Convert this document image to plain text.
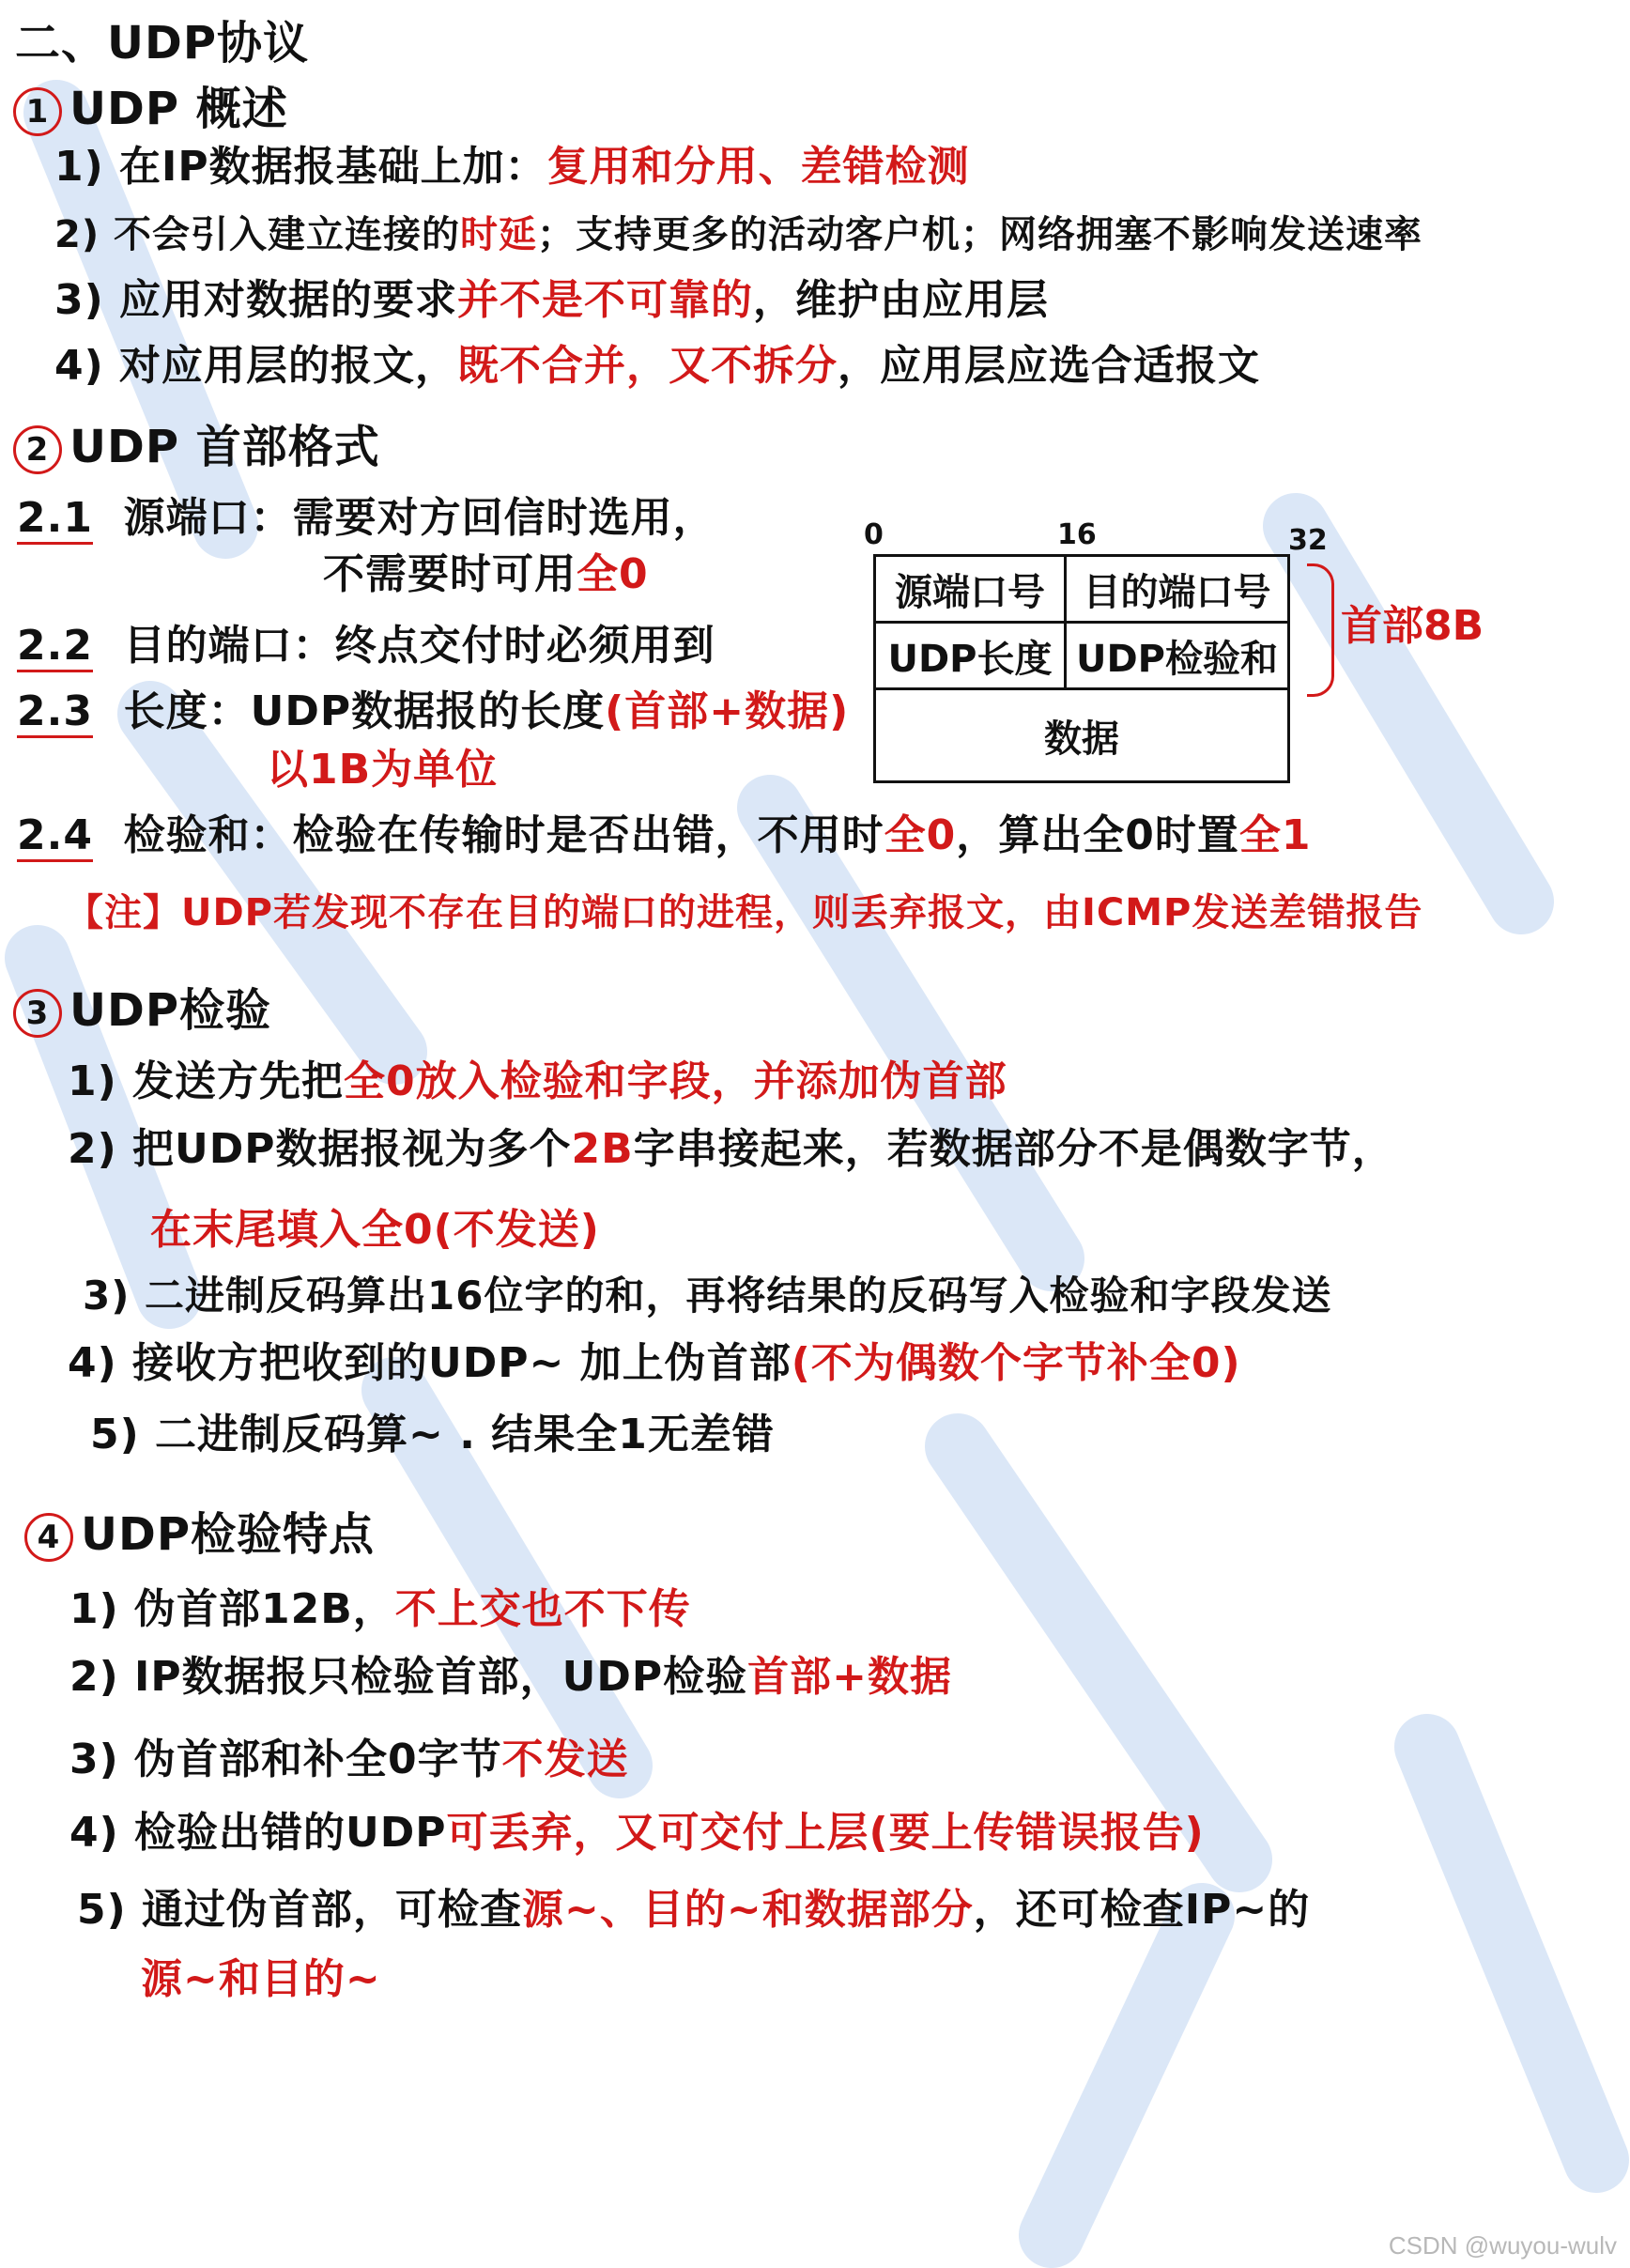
二、UDP协议
1 UDP 概述
1) 在IP数据报基础上加：复用和分用、差错检测
2) 不会引入建立连接的时延；支持更多的活动客户机；网络拥塞不影响发送速率
3) 应用对数据的要求并不是不可靠的，维护由应用层
4) 对应用层的报文，既不合并，又不拆分，应用层应选合适报文
2 UDP 首部格式
2.1 源端口：需要对方回信时选用，
不需要时可用全0
2.2 目的端口：终点交付时必须用到
2.3 长度：UDP数据报的长度(首部+数据)
以1B为单位
2.4 检验和：检验在传输时是否出错，不用时全0，算出全0时置全1
【注】UDP若发现不存在目的端口的进程，则丢弃报文，由ICMP发送差错报告
0	16	32
源端口号	目的端口号
UDP长度	UDP检验和
数据	
首部8B
3 UDP检验
1) 发送方先把全0放入检验和字段，并添加伪首部
2) 把UDP数据报视为多个2B字串接起来，若数据部分不是偶数字节，
在末尾填入全0(不发送)
3) 二进制反码算出16位字的和，再将结果的反码写入检验和字段发送
4) 接收方把收到的UDP~ 加上伪首部(不为偶数个字节补全0)
5) 二进制反码算~ . 结果全1无差错
4 UDP检验特点
1) 伪首部12B，不上交也不下传
2) IP数据报只检验首部，UDP检验首部+数据
3) 伪首部和补全0字节不发送
4) 检验出错的UDP可丢弃，又可交付上层(要上传错误报告)
5) 通过伪首部，可检查源~、目的~和数据部分，还可检查IP~的
源~和目的~
CSDN @wuyou-wulv
